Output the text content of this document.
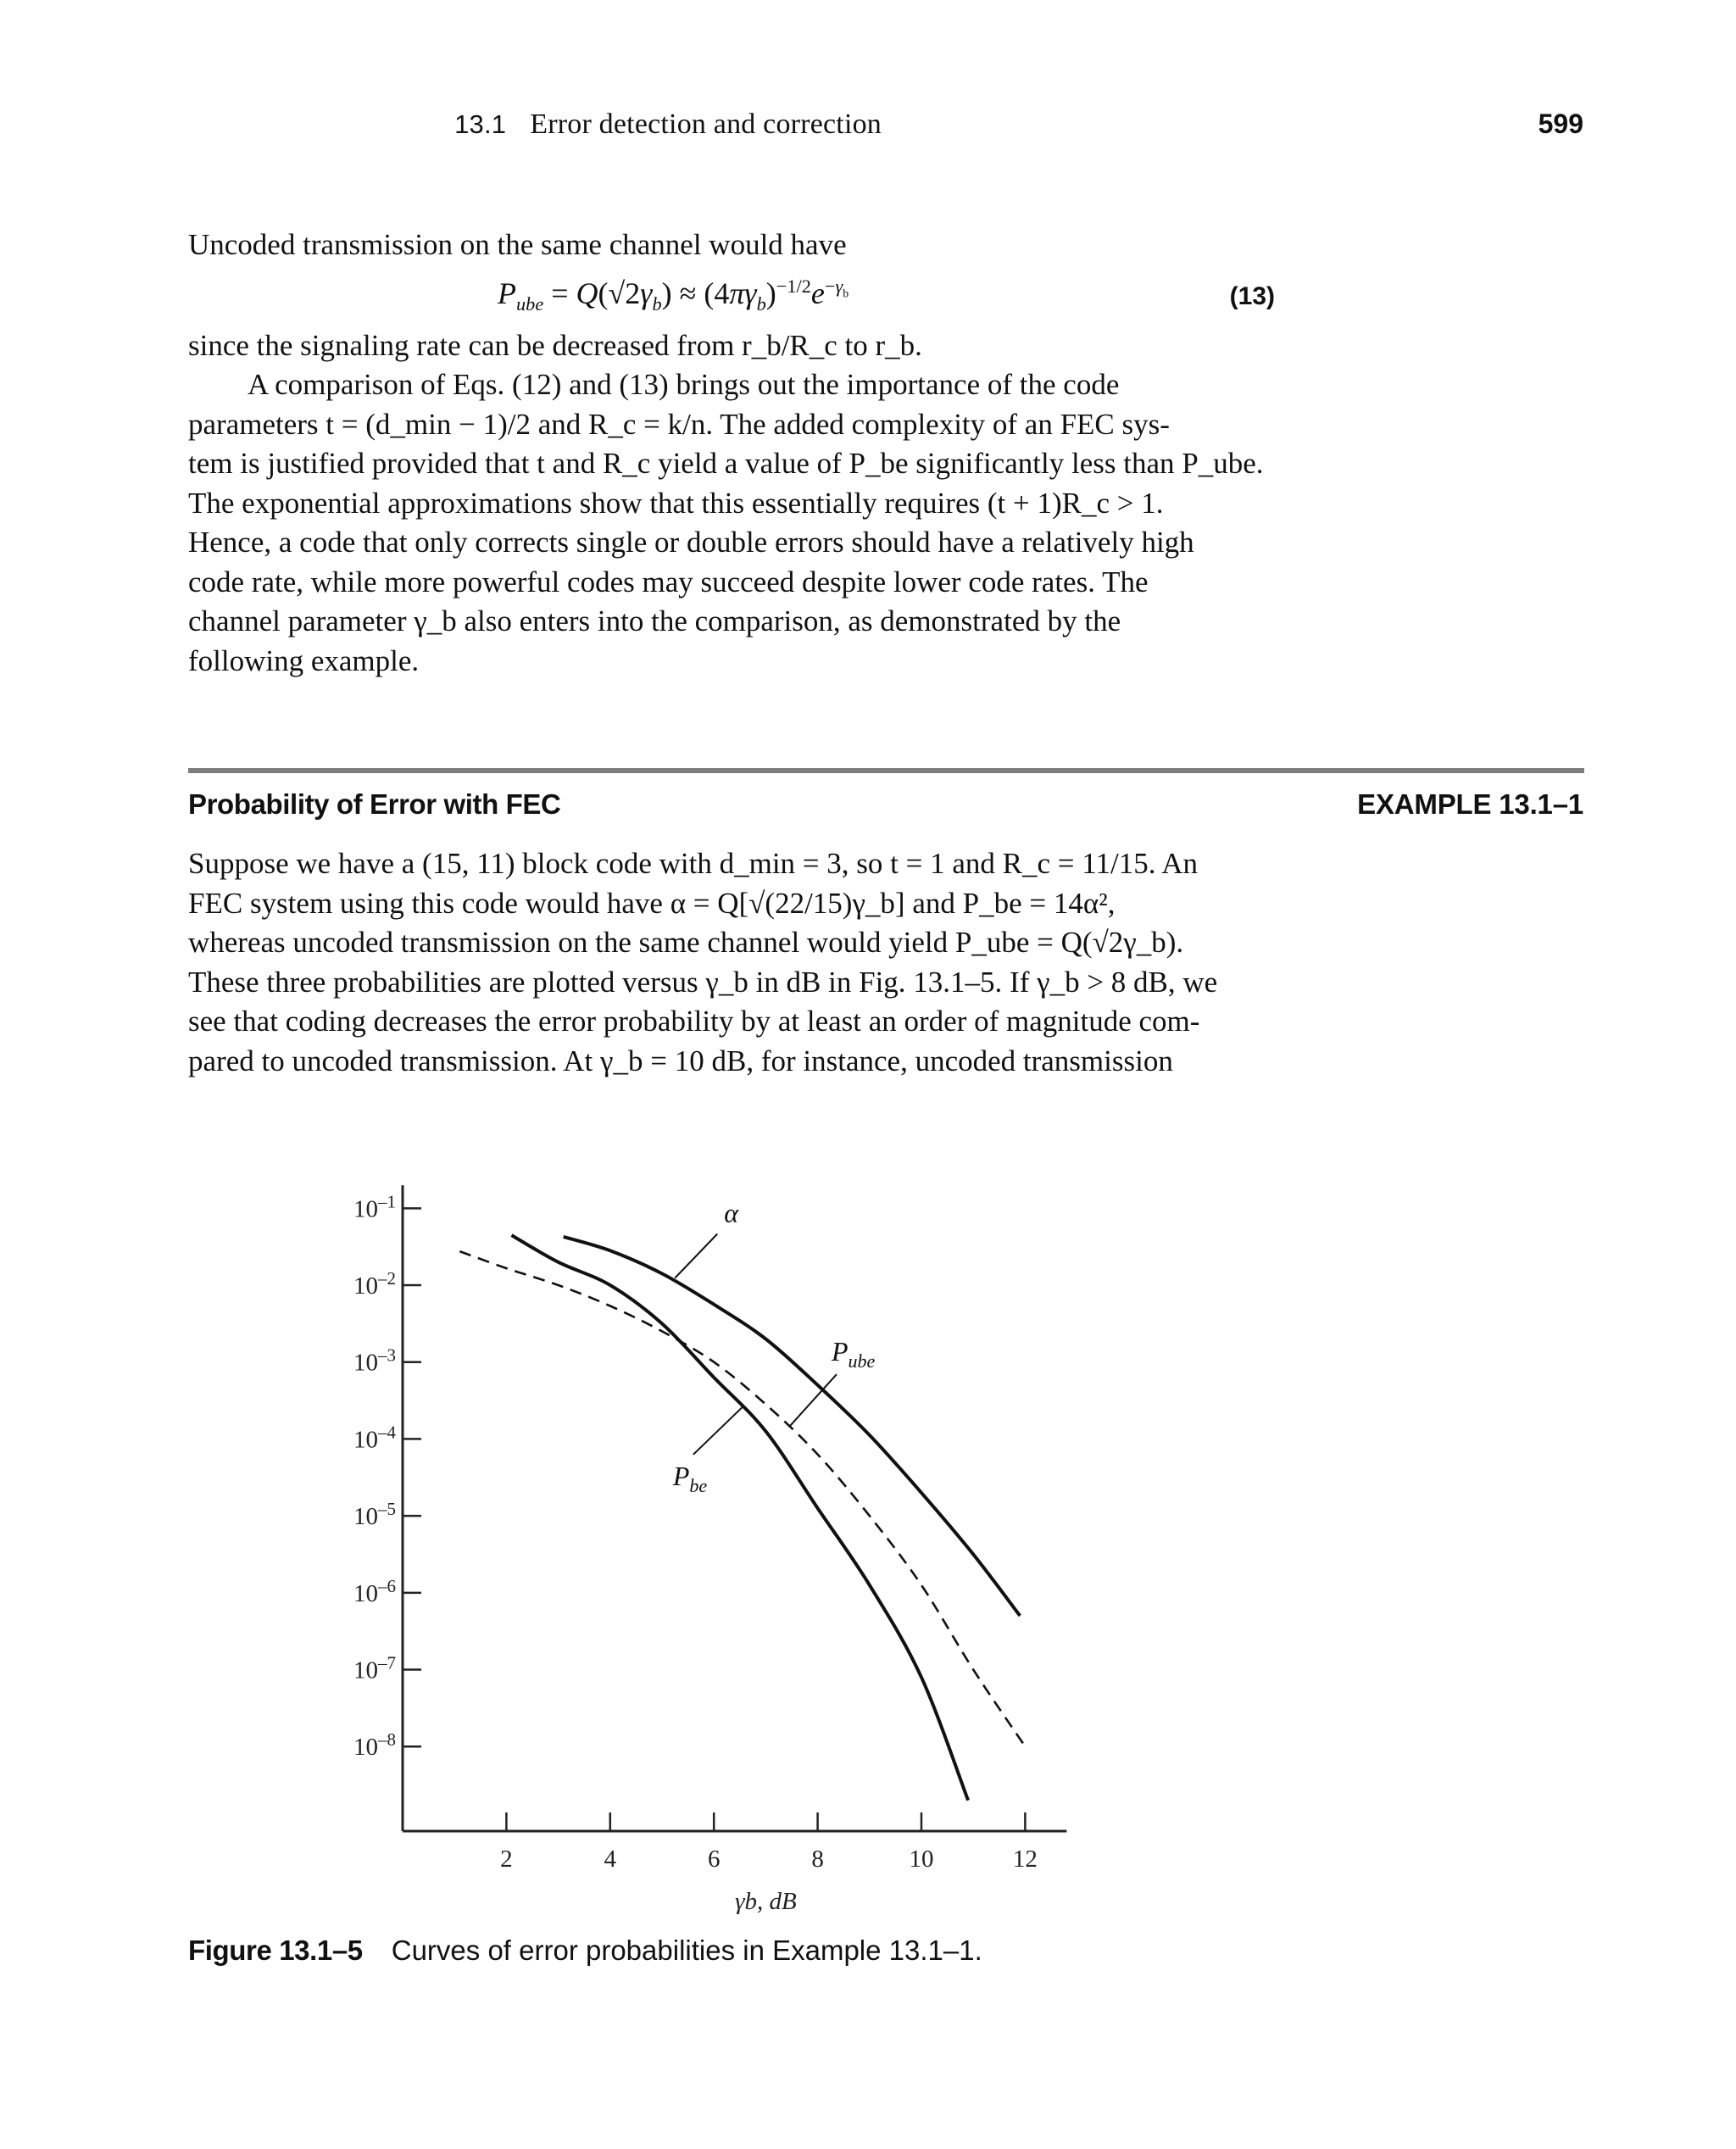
13.1 Error detection and correction	599

Uncoded transmission on the same channel would have

$P_{ube} = Q(√2\gamma_b) \approx (4\pi\gamma_b)^{-1/2}e^{-\gamma_b}$	(13)

since the signaling rate can be decreased from r_b/R_c to r_b.

A comparison of Eqs. (12) and (13) brings out the importance of the code

parameters t = (d_min − 1)/2 and R_c = k/n. The added complexity of an FEC sys-

tem is justified provided that t and R_c yield a value of P_be significantly less than P_ube.

The exponential approximations show that this essentially requires (t + 1)R_c > 1.

Hence, a code that only corrects single or double errors should have a relatively high

code rate, while more powerful codes may succeed despite lower code rates. The

channel parameter γ_b also enters into the comparison, as demonstrated by the

following example.

Probability of Error with FEC	EXAMPLE 13.1–1

Suppose we have a (15, 11) block code with d_min = 3, so t = 1 and R_c = 11/15. An

FEC system using this code would have α = Q[√(22/15)γ_b] and P_be = 14α²,

whereas uncoded transmission on the same channel would yield P_ube = Q(√2γ_b).

These three probabilities are plotted versus γ_b in dB in Fig. 13.1–5. If γ_b > 8 dB, we

see that coding decreases the error probability by at least an order of magnitude com-

pared to uncoded transmission. At γ_b = 10 dB, for instance, uncoded transmission

$10^{-1}$
$10^{-2}$
$10^{-3}$
$10^{-4}$
$10^{-5}$
$10^{-6}$
$10^{-7}$
$10^{-8}$
2	4	6	8	10	12
γb, dB
α
$P_{ube}$
$P_{be}$
Figure 13.1–5 Curves of error probabilities in Example 13.1–1.
